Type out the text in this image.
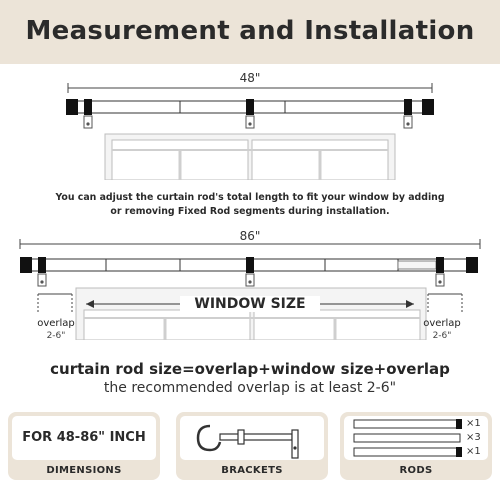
Measurement and Installation
48"
You can adjust the curtain rod's total length to fit your window by adding
or removing Fixed Rod segments during installation.
86"
WINDOW SIZE
overlap
2-6"
overlap
2-6"
curtain rod size=overlap+window size+overlap
the recommended overlap is at least 2-6"
DIMENSIONS
FOR 48-86" INCH
BRACKETS	RODS
×1
×3
×1
